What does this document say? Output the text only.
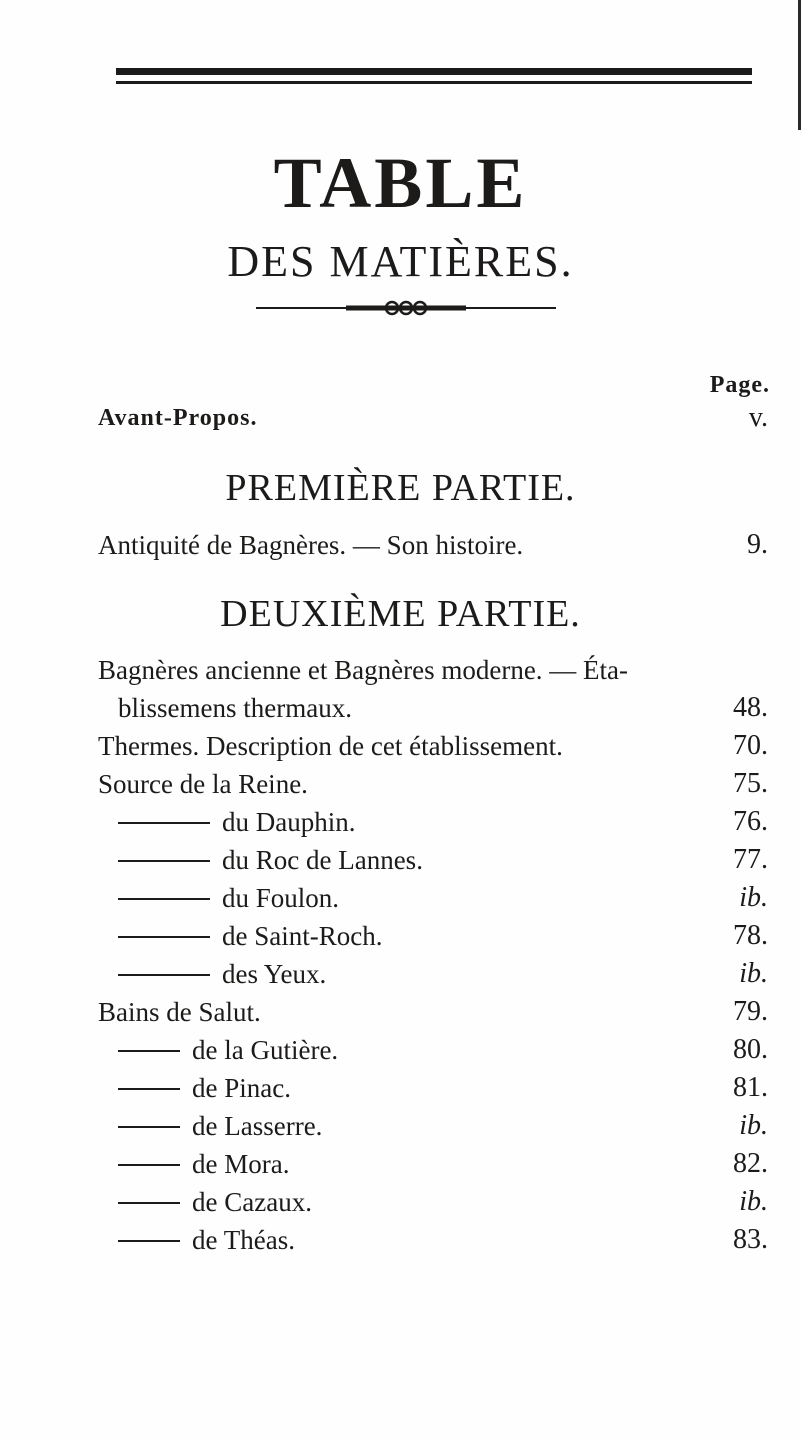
TABLE
DES MATIÈRES.
Page.
Avant-Propos.	v.
PREMIÈRE PARTIE.
Antiquité de Bagnères. — Son histoire.	9.
DEUXIÈME PARTIE.
Bagnères ancienne et Bagnères moderne. — Éta-
blissemens thermaux.	48.
Thermes. Description de cet établissement.	70.
Source de la Reine.	75.
du Dauphin.	76.
du Roc de Lannes.	77.
du Foulon.	ib.
de Saint-Roch.	78.
des Yeux.	ib.
Bains de Salut.	79.
de la Gutière.	80.
de Pinac.	81.
de Lasserre.	ib.
de Mora.	82.
de Cazaux.	ib.
de Théas.	83.
